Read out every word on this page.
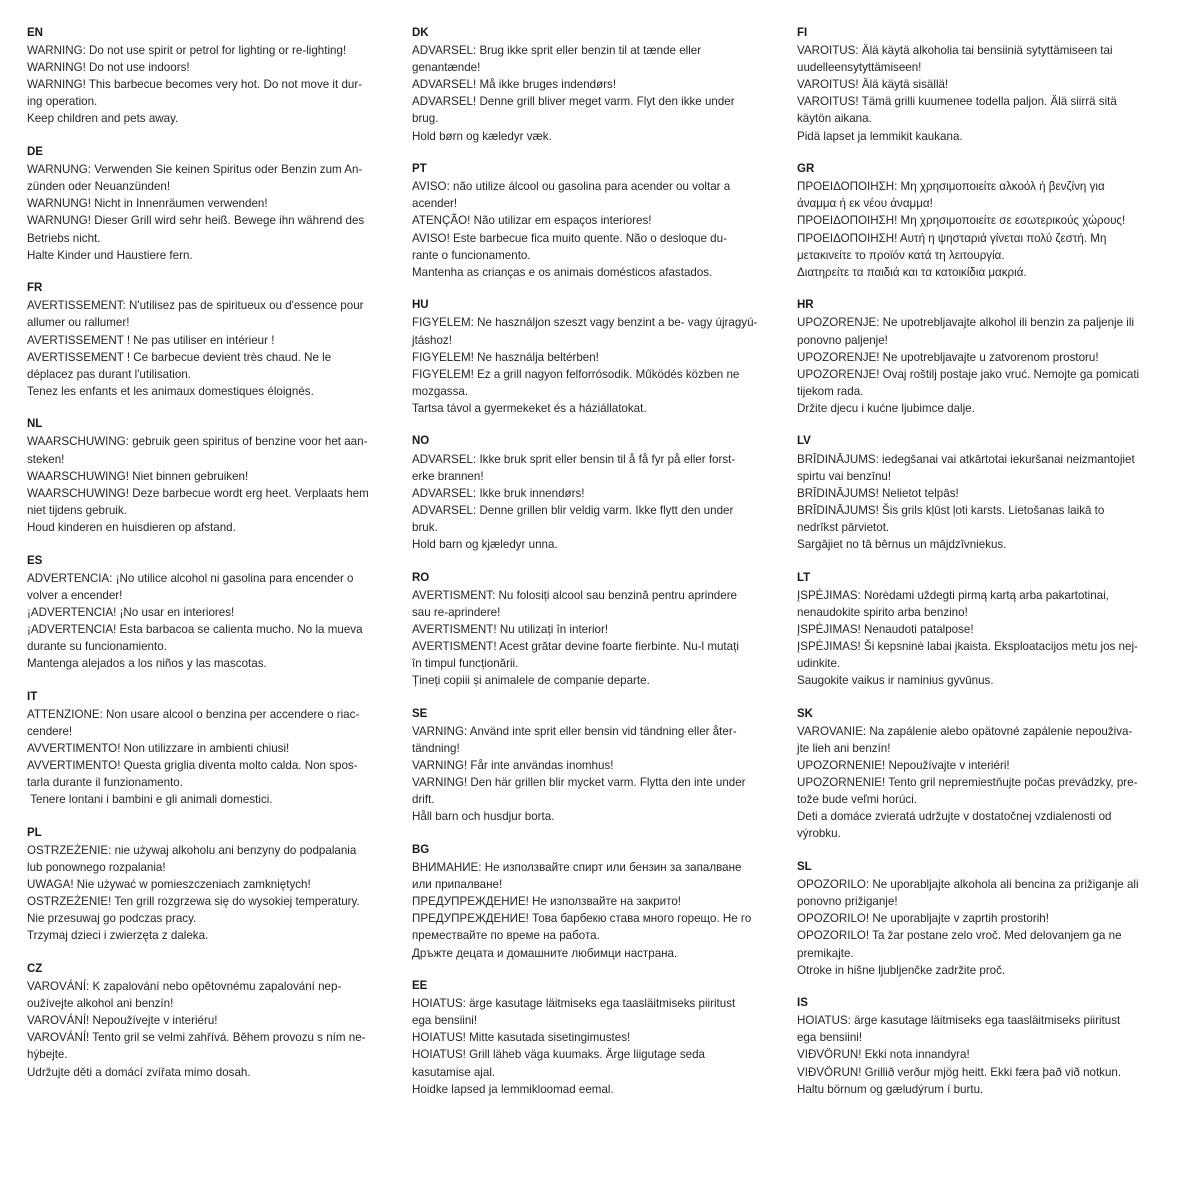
EN
WARNING: Do not use spirit or petrol for lighting or re-lighting!
WARNING! Do not use indoors!
WARNING! This barbecue becomes very hot. Do not move it dur-
ing operation.
Keep children and pets away.
DE
WARNUNG: Verwenden Sie keinen Spiritus oder Benzin zum An-
zünden oder Neuanzünden!
WARNUNG! Nicht in Innenräumen verwenden!
WARNUNG! Dieser Grill wird sehr heiß. Bewege ihn während des
Betriebs nicht.
Halte Kinder und Haustiere fern.
FR
AVERTISSEMENT: N'utilisez pas de spiritueux ou d'essence pour
allumer ou rallumer!
AVERTISSEMENT ! Ne pas utiliser en intérieur !
AVERTISSEMENT ! Ce barbecue devient très chaud. Ne le
déplacez pas durant l'utilisation.
Tenez les enfants et les animaux domestiques éloignés.
NL
WAARSCHUWING: gebruik geen spiritus of benzine voor het aan-
steken!
WAARSCHUWING! Niet binnen gebruiken!
WAARSCHUWING! Deze barbecue wordt erg heet. Verplaats hem
niet tijdens gebruik.
Houd kinderen en huisdieren op afstand.
ES
ADVERTENCIA: ¡No utilice alcohol ni gasolina para encender o
volver a encender!
¡ADVERTENCIA! ¡No usar en interiores!
¡ADVERTENCIA! Esta barbacoa se calienta mucho. No la mueva
durante su funcionamiento.
Mantenga alejados a los niños y las mascotas.
IT
ATTENZIONE: Non usare alcool o benzina per accendere o riac-
cendere!
AVVERTIMENTO! Non utilizzare in ambienti chiusi!
AVVERTIMENTO! Questa griglia diventa molto calda. Non spos-
tarla durante il funzionamento.
Tenere lontani i bambini e gli animali domestici.
PL
OSTRZEŻENIE: nie używaj alkoholu ani benzyny do podpalania
lub ponownego rozpalania!
UWAGA! Nie używać w pomieszczeniach zamkniętych!
OSTRZEŻENIE! Ten grill rozgrzewa się do wysokiej temperatury.
Nie przesuwaj go podczas pracy.
Trzymaj dzieci i zwierzęta z daleka.
CZ
VAROVÁNÍ: K zapalování nebo opětovnému zapalování nep-
oužívejte alkohol ani benzín!
VAROVÁNÍ! Nepoužívejte v interiéru!
VAROVÁNÍ! Tento gril se velmi zahřívá. Během provozu s ním ne-
hýbejte.
Udržujte děti a domácí zvířata mimo dosah.
DK
ADVARSEL: Brug ikke sprit eller benzin til at tænde eller
genantænde!
ADVARSEL! Må ikke bruges indendørs!
ADVARSEL! Denne grill bliver meget varm. Flyt den ikke under
brug.
Hold børn og kæledyr væk.
PT
AVISO: não utilize álcool ou gasolina para acender ou voltar a
acender!
ATENÇÃO! Não utilizar em espaços interiores!
AVISO! Este barbecue fica muito quente. Não o desloque du-
rante o funcionamento.
Mantenha as crianças e os animais domésticos afastados.
HU
FIGYELEM: Ne használjon szeszt vagy benzint a be- vagy újragyú-
jtáshoz!
FIGYELEM! Ne használja beltérben!
FIGYELEM! Ez a grill nagyon felforrósodik. Működés közben ne
mozgassa.
Tartsa távol a gyermekeket és a háziállatokat.
NO
ADVARSEL: Ikke bruk sprit eller bensin til å få fyr på eller forst-
erke brannen!
ADVARSEL: Ikke bruk innendørs!
ADVARSEL: Denne grillen blir veldig varm. Ikke flytt den under
bruk.
Hold barn og kjæledyr unna.
RO
AVERTISMENT: Nu folosiți alcool sau benzină pentru aprindere
sau re-aprindere!
AVERTISMENT! Nu utilizați în interior!
AVERTISMENT! Acest grătar devine foarte fierbinte. Nu-l mutați
în timpul funcționării.
Țineți copiii și animalele de companie departe.
SE
VARNING: Använd inte sprit eller bensin vid tändning eller åter-
tändning!
VARNING! Får inte användas inomhus!
VARNING! Den här grillen blir mycket varm. Flytta den inte under
drift.
Håll barn och husdjur borta.
BG
ВНИМАНИЕ: Не използвайте спирт или бензин за запалване
или припалване!
ПРЕДУПРЕЖДЕНИЕ! Не използвайте на закрито!
ПРЕДУПРЕЖДЕНИЕ! Това барбекю става много горещо. Не го
премествайте по време на работа.
Дръжте децата и домашните любимци настрана.
EE
HOIATUS: ärge kasutage läitmiseks ega taasläitmiseks piiritust
ega bensiini!
HOIATUS! Mitte kasutada sisetingimustes!
HOIATUS! Grill läheb väga kuumaks. Ärge liigutage seda
kasutamise ajal.
Hoidke lapsed ja lemmikloomad eemal.
FI
VAROITUS: Älä käytä alkoholia tai bensiiniä sytyttämiseen tai
uudelleensytyttämiseen!
VAROITUS! Älä käytä sisällä!
VAROITUS! Tämä grilli kuumenee todella paljon. Älä siirrä sitä
käytön aikana.
Pidä lapset ja lemmikit kaukana.
GR
ΠΡΟΕΙΔΟΠΟΙΗΣΗ: Μη χρησιμοποιείτε αλκοόλ ή βενζίνη για
άναμμα ή εκ νέου άναμμα!
ΠΡΟΕΙΔΟΠΟΙΗΣΗ! Μη χρησιμοποιείτε σε εσωτερικούς χώρους!
ΠΡΟΕΙΔΟΠΟΙΗΣΗ! Αυτή η ψησταριά γίνεται πολύ ζεστή. Μη
μετακινείτε το προϊόν κατά τη λειτουργία.
Διατηρείτε τα παιδιά και τα κατοικίδια μακριά.
HR
UPOZORENJE: Ne upotrebljavajte alkohol ili benzin za paljenje ili
ponovno paljenje!
UPOZORENJE! Ne upotrebljavajte u zatvorenom prostoru!
UPOZORENJE! Ovaj roštilj postaje jako vruć. Nemojte ga pomicati
tijekom rada.
Držite djecu i kućne ljubimce dalje.
LV
BRĪDINĀJUMS: iedegšanai vai atkārtotai iekuršanai neizmantojiet
spirtu vai benzīnu!
BRĪDINĀJUMS! Nelietot telpās!
BRĪDINĀJUMS! Šis grils kļūst ļoti karsts. Lietošanas laikā to
nedrīkst pārvietot.
Sargājiet no tā bērnus un mājdzīvniekus.
LT
ĮSPĖJIMAS: Norėdami uždegti pirmą kartą arba pakartotinai,
nenaudokite spirito arba benzino!
ĮSPĖJIMAS! Nenaudoti patalpose!
ĮSPĖJIMAS! Ši kepsninė labai įkaista. Eksploatacijos metu jos nej-
udinkite.
Saugokite vaikus ir naminius gyvūnus.
SK
VAROVANIE: Na zapálenie alebo opätovné zapálenie nepouživa-
jte lieh ani benzín!
UPOZORNENIE! Nepoužívajte v interiéri!
UPOZORNENIE! Tento gril nepremiestňujte počas prevádzky, pre-
tože bude veľmi horúci.
Deti a domáce zvieratá udržujte v dostatočnej vzdialenosti od
výrobku.
SL
OPOZORILO: Ne uporabljajte alkohola ali bencina za prižiganje ali
ponovno prižiganje!
OPOZORILO! Ne uporabljajte v zaprtih prostorih!
OPOZORILO! Ta žar postane zelo vroč. Med delovanjem ga ne
premikajte.
Otroke in hišne ljubljenčke zadržite proč.
IS
HOIATUS: ärge kasutage läitmiseks ega taasläitmiseks piiritust
ega bensiini!
VIÐVÖRUN! Ekki nota innandyra!
VIÐVÖRUN! Grillið verður mjög heitt. Ekki færa það við notkun.
Haltu börnum og gæludýrum í burtu.
